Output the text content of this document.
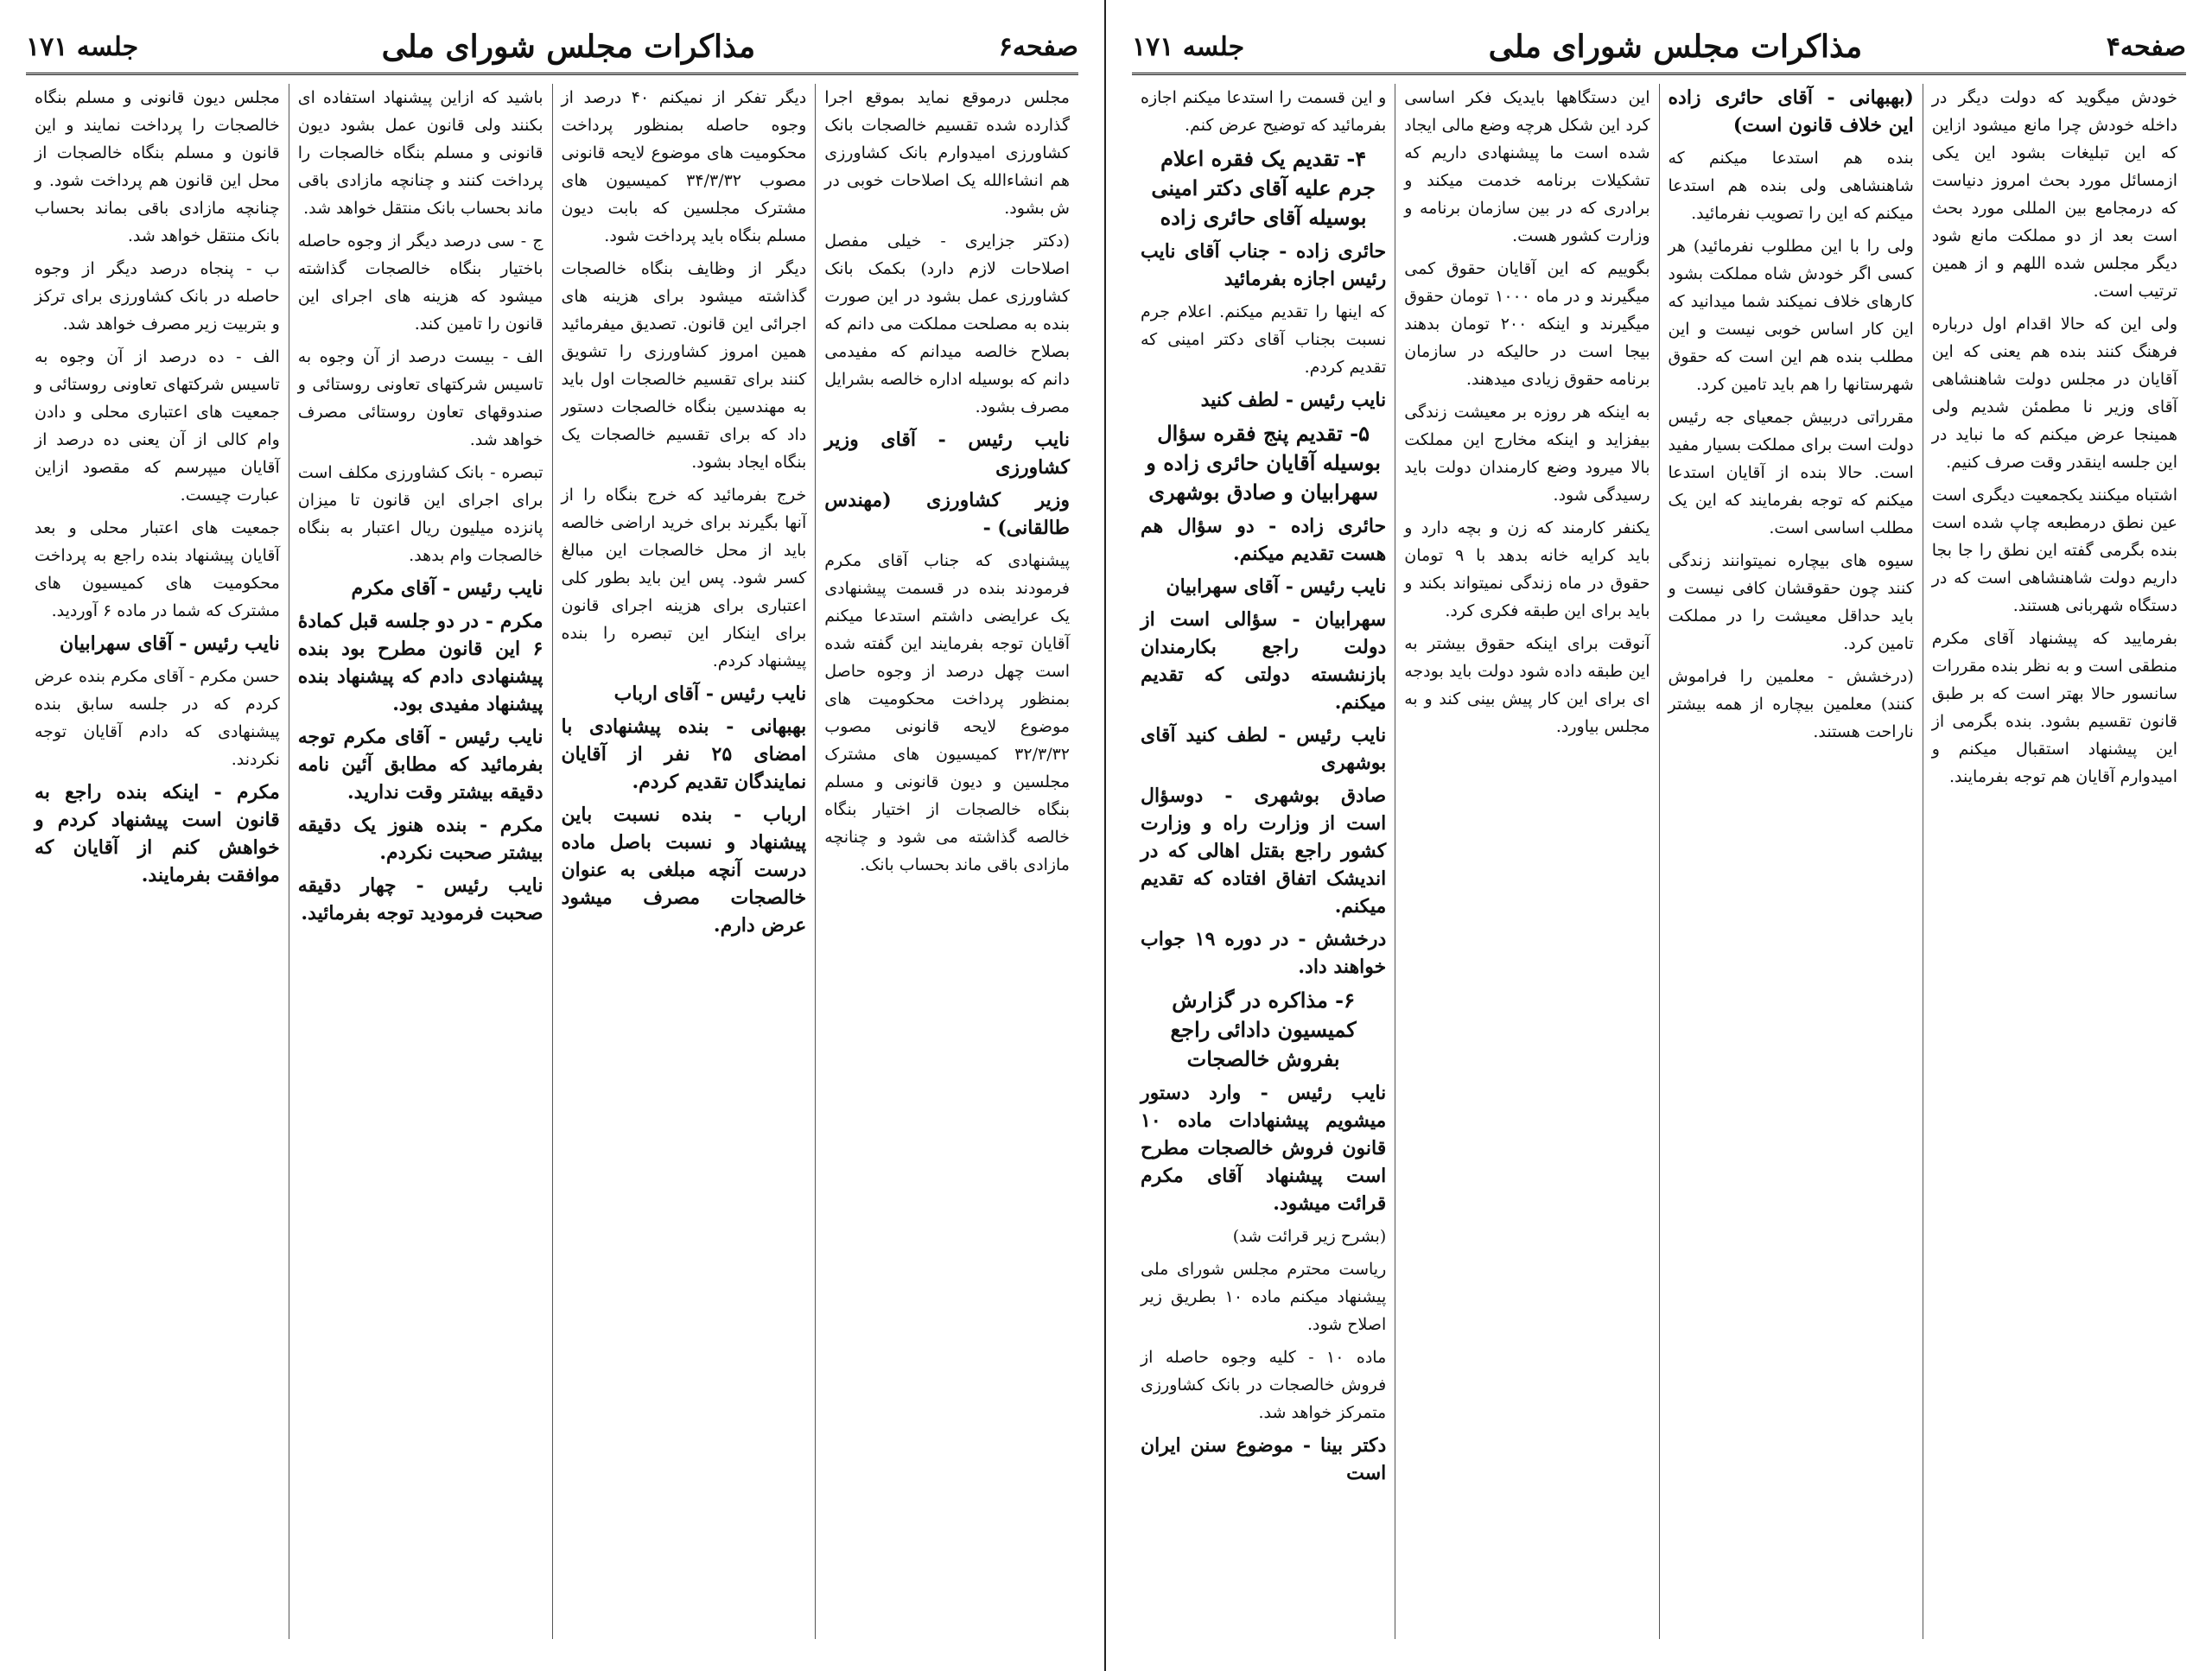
صفحه۶
مذاکرات مجلس شورای ملی
جلسه ۱۷۱

مجلس درموقع نماید بموقع اجرا گذارده شده تقسیم خالصجات بانک کشاورزی امیدوارم بانک کشاورزی هم انشاءالله یک اصلاحات خوبی در ش بشود.

(دکتر جزایری - خیلی مفصل اصلاحات لازم دارد) بکمک بانک کشاورزی عمل بشود در این صورت بنده به مصلحت مملکت می دانم که بصلاح خالصه میدانم که مفیدمی دانم که بوسیله اداره خالصه بشرایل مصرف بشود.

نایب رئیس - آقای وزیر کشاورزی

وزیر کشاورزی (مهندس طالقانی) -

پیشنهادی که جناب آقای مکرم فرمودند بنده در قسمت پیشنهادی یک عرایضی داشتم استدعا میکنم آقایان توجه بفرمایند این گفته شده است چهل درصد از وجوه حاصل بمنظور پرداخت محکومیت های موضوع لایحه قانونی مصوب ۳۲/۳/۳۲ کمیسیون های مشترک مجلسین و دیون قانونی و مسلم بنگاه خالصجات از اختیار بنگاه خالصه گذاشته می شود و چنانچه مازادی باقی ماند بحساب بانک.

دیگر تفکر از نمیکنم ۴۰ درصد از وجوه حاصله بمنظور پرداخت محکومیت های موضوع لایحه قانونی مصوب ۳۴/۳/۳۲ کمیسیون های مشترک مجلسین که بابت دیون مسلم بنگاه باید پرداخت شود.

دیگر از وظایف بنگاه خالصجات گذاشته میشود برای هزینه های اجرائی این قانون. تصدیق میفرمائید همین امروز کشاورزی را تشویق کنند برای تقسیم خالصجات اول باید به مهندسین بنگاه خالصجات دستور داد که برای تقسیم خالصجات یک بنگاه ایجاد بشود.

خرج بفرمائید که خرج بنگاه را از آنها بگیرند برای خرید اراضی خالصه باید از محل خالصجات این مبالغ کسر شود. پس این باید بطور کلی اعتباری برای هزینه اجرای قانون برای اینکار این تبصره را بنده پیشنهاد کردم.

نایب رئیس - آقای ارباب

بهبهانی - بنده پیشنهادی با امضای ۲۵ نفر از آقایان نمایندگان تقدیم کردم.

ارباب - بنده نسبت باین پیشنهاد و نسبت باصل ماده درست آنچه مبلغی به عنوان خالصجات مصرف میشود عرض دارم.

باشید که ازاین پیشنهاد استفاده ای بکنند ولی قانون عمل بشود دیون قانونی و مسلم بنگاه خالصجات را پرداخت کنند و چنانچه مازادی باقی ماند بحساب بانک منتقل خواهد شد.

ج - سی درصد دیگر از وجوه حاصله باختیار بنگاه خالصجات گذاشته میشود که هزینه های اجرای این قانون را تامین کند.

الف - بیست درصد از آن وجوه به تاسیس شرکتهای تعاونی روستائی و صندوقهای تعاون روستائی مصرف خواهد شد.

تبصره - بانک کشاورزی مکلف است برای اجرای این قانون تا میزان پانزده میلیون ریال اعتبار به بنگاه خالصجات وام بدهد.

نایب رئیس - آقای مکرم

مکرم - در دو جلسه قبل کمادهٔ ۶ این قانون مطرح بود بنده پیشنهادی دادم که پیشنهاد بنده پیشنهاد مفیدی بود.

نایب رئیس - آقای مکرم توجه بفرمائید که مطابق آئین نامه دقیقه بیشتر وقت ندارید.

مکرم - بنده هنوز یک دقیقه بیشتر صحبت نکردم.

نایب رئیس - چهار دقیقه صحبت فرمودید توجه بفرمائید.

مجلس دیون قانونی و مسلم بنگاه خالصجات را پرداخت نمایند و این قانون و مسلم بنگاه خالصجات از محل این قانون هم پرداخت شود. و چنانچه مازادی باقی بماند بحساب بانک منتقل خواهد شد.

ب - پنجاه درصد دیگر از وجوه حاصله در بانک کشاورزی برای ترکز و بتربیت زیر مصرف خواهد شد.

الف - ده درصد از آن وجوه به تاسیس شرکتهای تعاونی روستائی و جمعیت های اعتباری محلی و دادن وام کالی از آن یعنی ده درصد از آقایان میپرسم که مقصود ازاین عبارت چیست.

جمعیت های اعتبار محلی و بعد آقایان پیشنهاد بنده راجع به پرداخت محکومیت های کمیسیون های مشترک که شما در ماده ۶ آوردید.

نایب رئیس - آقای سهرابیان

حسن مکرم - آقای مکرم بنده عرض کردم که در جلسه سابق بنده پیشنهادی که دادم آقایان توجه نکردند.

مکرم - اینکه بنده راجع به قانون است پیشنهاد کردم و خواهش کنم از آقایان که موافقت بفرمایند.

صفحه۴
مذاکرات مجلس شورای ملی
جلسه ۱۷۱

خودش میگوید که دولت دیگر در داخله خودش چرا مانع میشود ازاین که این تبلیغات بشود این یکی ازمسائل مورد بحث امروز دنیاست که درمجامع بین المللی مورد بحث است بعد از دو مملکت مانع شود دیگر مجلس شده اللهم و از همین ترتیب است.

ولی این که حالا اقدام اول درباره فرهنگ کنند بنده هم یعنی که این آقایان در مجلس دولت شاهنشاهی آقای وزیر نا مطمئن شدیم ولی همینجا عرض میکنم که ما نباید در این جلسه اینقدر وقت صرف کنیم.

اشتباه میکنند یکجمعیت دیگری است عین نطق درمطبعه چاپ شده است بنده بگرمی گفته این نطق را جا بجا داریم دولت شاهنشاهی است که در دستگاه شهربانی هستند.

بفرمایید که پیشنهاد آقای مکرم منطقی است و به نظر بنده مقررات سانسور حالا بهتر است که بر طبق قانون تقسیم بشود. بنده بگرمی از این پیشنهاد استقبال میکنم و امیدوارم آقایان هم توجه بفرمایند.

(بهبهانی - آقای حائری زاده این خلاف قانون است)

بنده هم استدعا میکنم که شاهنشاهی ولی بنده هم استدعا میکنم که این را تصویب نفرمائید.

ولی را با این مطلوب نفرمائید) هر کسی اگر خودش شاه مملکت بشود کارهای خلاف نمیکند شما میدانید که این کار اساس خوبی نیست و این مطلب بنده هم این است که حقوق شهرستانها را هم باید تامین کرد.

مقرراتی دربیش جمعیای جه رئیس دولت است برای مملکت بسیار مفید است. حالا بنده از آقایان استدعا میکنم که توجه بفرمایند که این یک مطلب اساسی است.

سیوه های بیچاره نمیتوانند زندگی کنند چون حقوقشان کافی نیست و باید حداقل معیشت را در مملکت تامین کرد.

(درخشش - معلمین را فراموش کنند) معلمین بیچاره از همه بیشتر ناراحت هستند.

این دستگاهها بایدیک فکر اساسی کرد این شکل هرچه وضع مالی ایجاد شده است ما پیشنهادی داریم که تشکیلات برنامه خدمت میکند و برادری که در بین سازمان برنامه و وزارت کشور هست.

بگوییم که این آقایان حقوق کمی میگیرند و در ماه ۱۰۰۰ تومان حقوق میگیرند و اینکه ۲۰۰ تومان بدهند بیجا است در حالیکه در سازمان برنامه حقوق زیادی میدهند.

به اینکه هر روزه بر معیشت زندگی بیفزاید و اینکه مخارج این مملکت بالا میرود وضع کارمندان دولت باید رسیدگی شود.

یکنفر کارمند که زن و بچه دارد و باید کرایه خانه بدهد با ۹ تومان حقوق در ماه زندگی نمیتواند بکند و باید برای این طبقه فکری کرد.

آنوقت برای اینکه حقوق بیشتر به این طبقه داده شود دولت باید بودجه ای برای این کار پیش بینی کند و به مجلس بیاورد.

و این قسمت را استدعا میکنم اجازه بفرمائید که توضیح عرض کنم.

۴- تقدیم یک فقره اعلام جرم علیه آقای دکتر امینی بوسیله آقای حائری زاده

حائری زاده - جناب آقای نایب رئیس اجازه بفرمائید

که اینها را تقدیم میکنم. اعلام جرم نسبت بجناب آقای دکتر امینی که تقدیم کردم.

نایب رئیس - لطف کنید

۵- تقدیم پنج فقره سؤال بوسیله آقایان حائری زاده و سهرابیان و صادق بوشهری

حائری زاده - دو سؤال هم هست تقدیم میکنم.

نایب رئیس - آقای سهرابیان

سهرابیان - سؤالی است از دولت راجع بکارمندان بازنشسته دولتی که تقدیم میکنم.

نایب رئیس - لطف کنید آقای بوشهری

صادق بوشهری - دوسؤال است از وزارت راه و وزارت کشور راجع بقتل اهالی که در اندیشک اتفاق افتاده که تقدیم میکنم.

درخشش - در دوره ۱۹ جواب خواهند داد.

۶- مذاکره در گزارش کمیسیون دادائی راجع بفروش خالصجات

نایب رئیس - وارد دستور میشویم پیشنهادات ماده ۱۰ قانون فروش خالصجات مطرح است پیشنهاد آقای مکرم قرائت میشود.

(بشرح زیر قرائت شد)

ریاست محترم مجلس شورای ملی پیشنهاد میکنم ماده ۱۰ بطریق زیر اصلاح شود.

ماده ۱۰ - کلیه وجوه حاصله از فروش خالصجات در بانک کشاورزی متمرکز خواهد شد.

دکتر بینا - موضوع سنن ایران است
